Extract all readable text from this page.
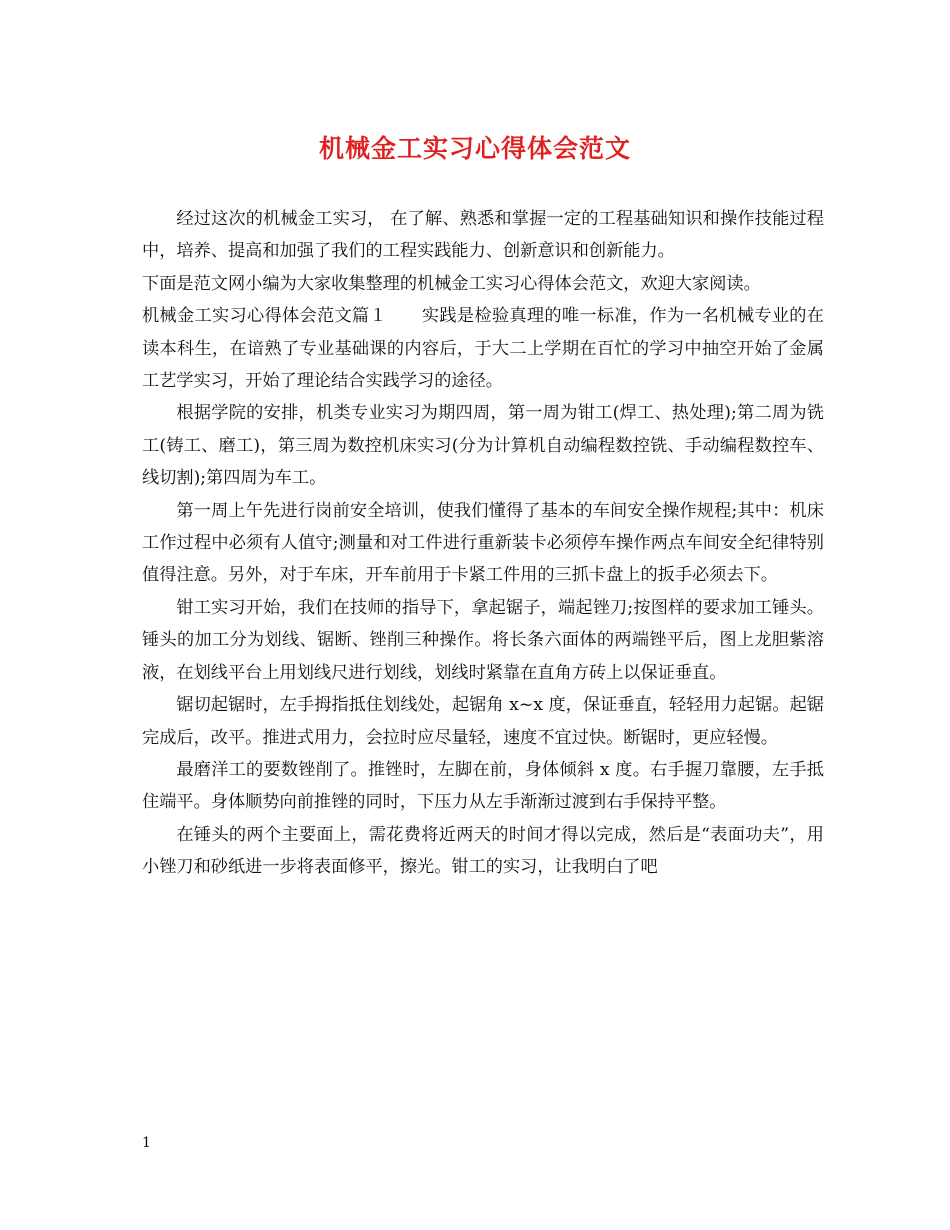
机械金工实习心得体会范文

经过这次的机械金工实习， 在了解、熟悉和掌握一定的工程基础知识和操作技能过程中，培养、提高和加强了我们的工程实践能力、创新意识和创新能力。

下面是范文网小编为大家收集整理的机械金工实习心得体会范文，欢迎大家阅读。

机械金工实习心得体会范文篇１　　实践是检验真理的唯一标准，作为一名机械专业的在读本科生，在谙熟了专业基础课的内容后，于大二上学期在百忙的学习中抽空开始了金属工艺学实习，开始了理论结合实践学习的途径。

根据学院的安排，机类专业实习为期四周，第一周为钳工(焊工、热处理);第二周为铣工(铸工、磨工)，第三周为数控机床实习(分为计算机自动编程数控铣、手动编程数控车、线切割);第四周为车工。

第一周上午先进行岗前安全培训，使我们懂得了基本的车间安全操作规程;其中：机床工作过程中必须有人值守;测量和对工件进行重新装卡必须停车操作两点车间安全纪律特别值得注意。另外，对于车床，开车前用于卡紧工件用的三抓卡盘上的扳手必须去下。

钳工实习开始，我们在技师的指导下，拿起锯子，端起锉刀;按图样的要求加工锤头。锤头的加工分为划线、锯断、锉削三种操作。将长条六面体的两端锉平后，图上龙胆紫溶液，在划线平台上用划线尺进行划线，划线时紧靠在直角方砖上以保证垂直。

锯切起锯时，左手拇指抵住划线处，起锯角 x~x 度，保证垂直，轻轻用力起锯。起锯完成后，改平。推进式用力，会拉时应尽量轻，速度不宜过快。断锯时，更应轻慢。

最磨洋工的要数锉削了。推锉时，左脚在前，身体倾斜 x 度。右手握刀靠腰，左手抵住端平。身体顺势向前推锉的同时，下压力从左手渐渐过渡到右手保持平整。

在锤头的两个主要面上，需花费将近两天的时间才得以完成，然后是“表面功夫”，用小锉刀和砂纸进一步将表面修平，擦光。钳工的实习，让我明白了吧

1
